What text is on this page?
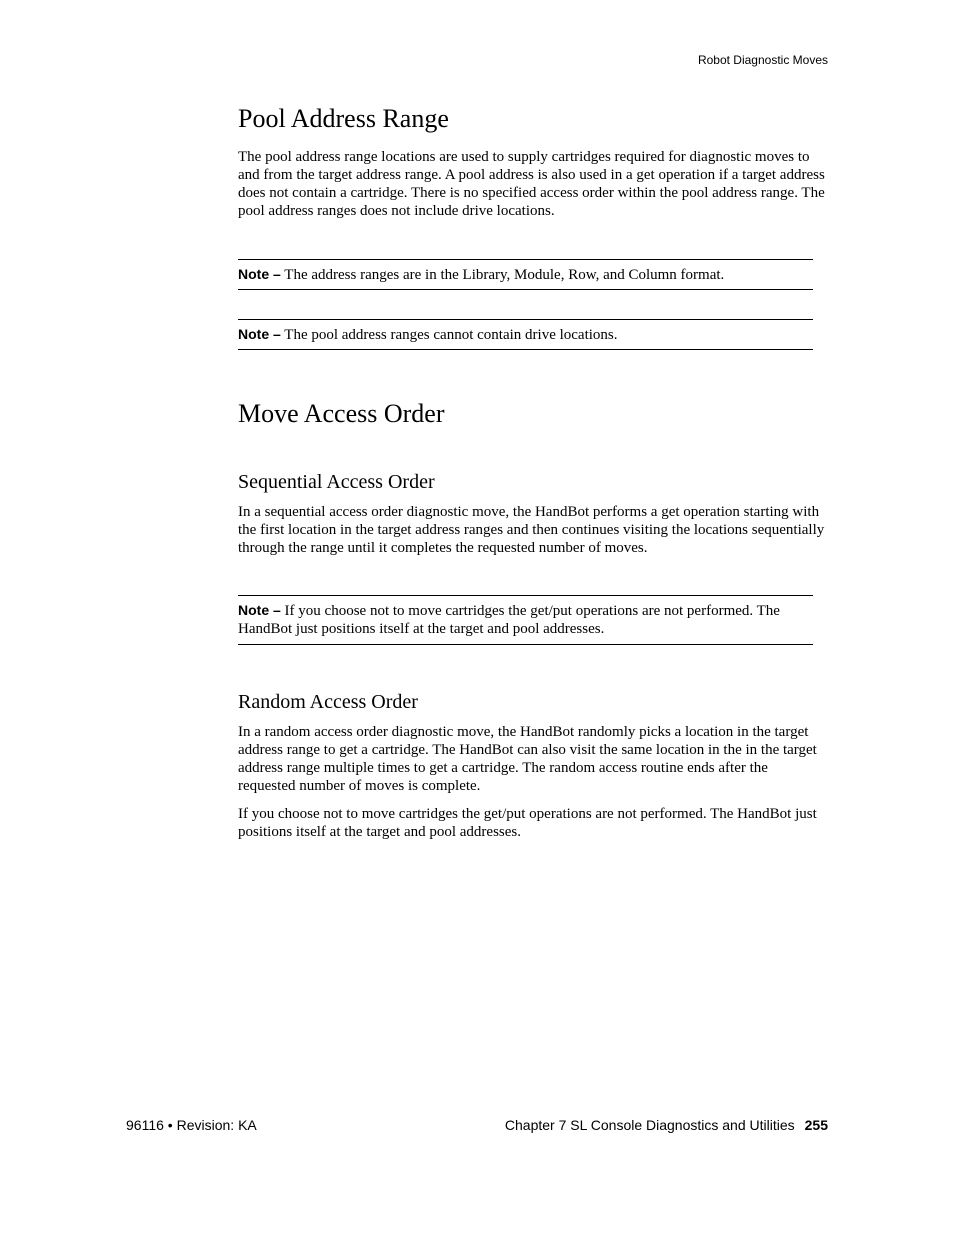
Robot Diagnostic Moves
Pool Address Range

The pool address range locations are used to supply cartridges required for diagnostic moves to and from the target address range. A pool address is also used in a get operation if a target address does not contain a cartridge. There is no specified access order within the pool address range. The pool address ranges does not include drive locations.

Note – The address ranges are in the Library, Module, Row, and Column format.

Note – The pool address ranges cannot contain drive locations.

Move Access Order
Sequential Access Order

In a sequential access order diagnostic move, the HandBot performs a get operation starting with the first location in the target address ranges and then continues visiting the locations sequentially through the range until it completes the requested number of moves.

Note – If you choose not to move cartridges the get/put operations are not performed. The HandBot just positions itself at the target and pool addresses.

Random Access Order

In a random access order diagnostic move, the HandBot randomly picks a location in the target address range to get a cartridge. The HandBot can also visit the same location in the in the target address range multiple times to get a cartridge. The random access routine ends after the requested number of moves is complete.

If you choose not to move cartridges the get/put operations are not performed. The HandBot just positions itself at the target and pool addresses.

96116 • Revision: KA	Chapter 7 SL Console Diagnostics and Utilities 255
